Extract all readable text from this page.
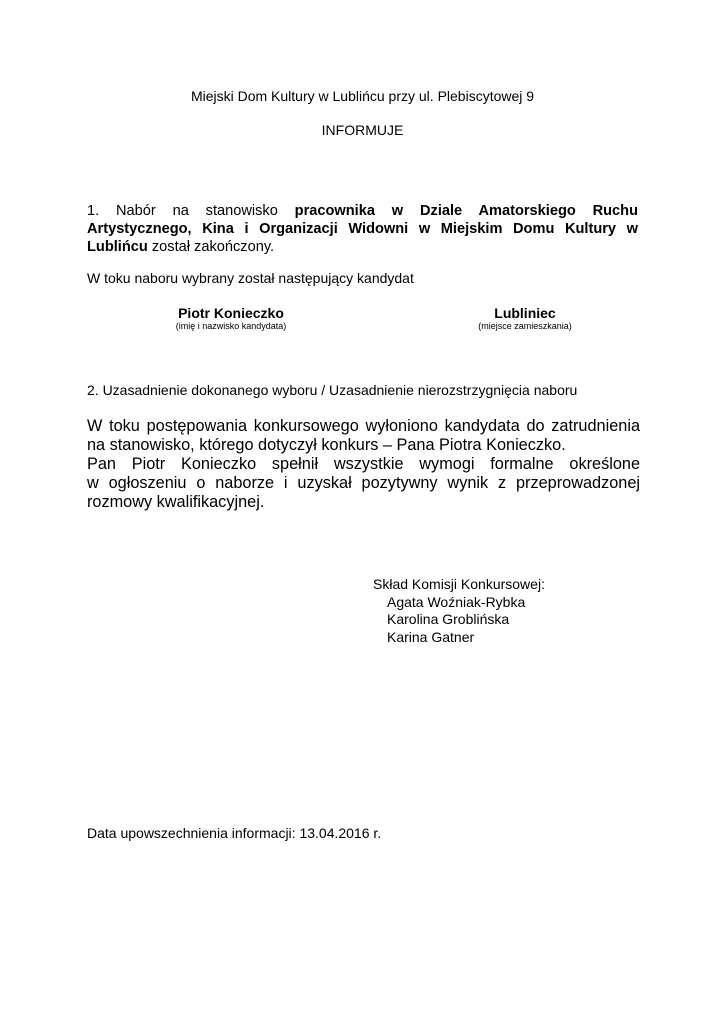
Miejski Dom Kultury w Lublińcu przy ul. Plebiscytowej 9
INFORMUJE
1. Nabór na stanowisko pracownika w Dziale Amatorskiego Ruchu Artystycznego, Kina i Organizacji Widowni w Miejskim Domu Kultury w Lublińcu został zakończony.
W toku naboru wybrany został następujący kandydat
Piotr Konieczko
(imię i nazwisko kandydata)
Lubliniec
(miejsce zamieszkania)
2. Uzasadnienie dokonanego wyboru / Uzasadnienie nierozstrzygnięcia naboru
W toku postępowania konkursowego wyłoniono kandydata do zatrudnienia
na stanowisko, którego dotyczył konkurs – Pana Piotra Konieczko.
Pan Piotr Konieczko spełnił wszystkie wymogi formalne określone
w ogłoszeniu o naborze i uzyskał pozytywny wynik z przeprowadzonej
rozmowy kwalifikacyjnej.
Skład Komisji Konkursowej:
Agata Woźniak-Rybka
Karolina Groblińska
Karina Gatner
Data upowszechnienia informacji: 13.04.2016 r.
